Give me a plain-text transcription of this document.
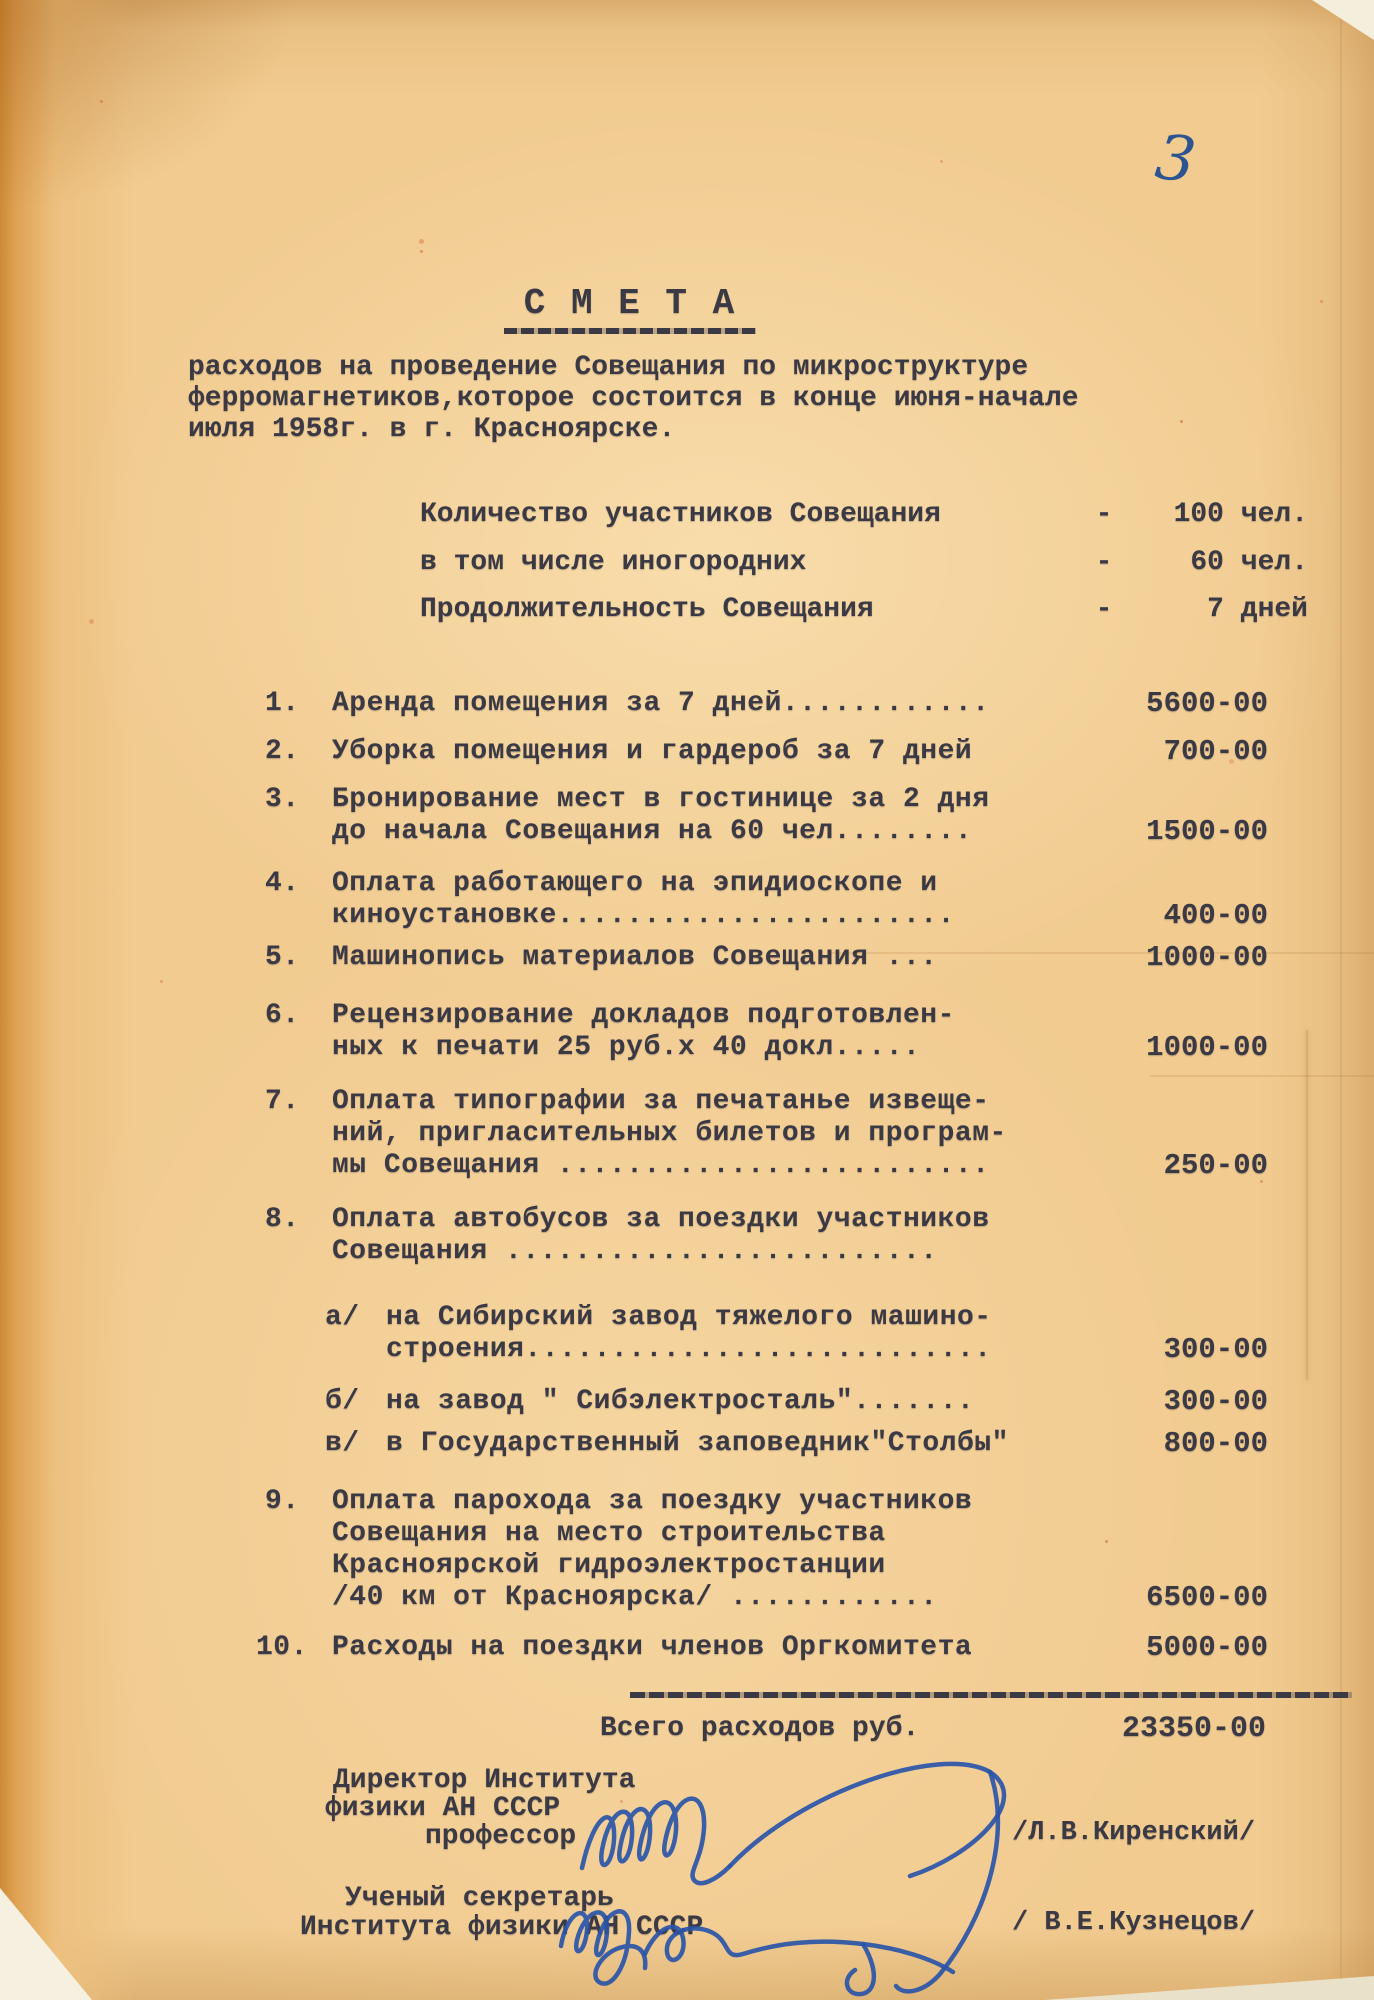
3
С М Е Т А
расходов на проведение Совещания по микроструктуре
ферромагнетиков,которое состоится в конце июня-начале
июля 1958г. в г. Красноярске.
Количество участников Совещания	-	100 чел.
в том числе иногородних	-	60 чел.
Продолжительность Совещания	-	7 дней
1.	Аренда помещения за 7 дней............	5600-00
2.	Уборка помещения и гардероб за 7 дней	700-00
3.	Бронирование мест в гостинице за 2 дня
до начала Совещания на 60 чел........	1500-00
4.	Оплата работающего на эпидиоскопе и
киноустановке.......................	400-00
5.	Машинопись материалов Совещания ...	1000-00
6.	Рецензирование докладов подготовлен-
ных к печати 25 руб.х 40 докл.....	1000-00
7.	Оплата типографии за печатанье извеще-
ний, пригласительных билетов и програм-
мы Совещания .........................	250-00
8.	Оплата автобусов за поездки участников
Совещания .........................
а/ на Сибирский завод тяжелого машино-
строения...........................	300-00
б/ на завод " Сибэлектросталь".......	300-00
в/ в Государственный заповедник"Столбы"	800-00
9.	Оплата парохода за поездку участников
Совещания на место строительства
Красноярской гидроэлектростанции
/40 км от Красноярска/ ............	6500-00
10. Расходы на поездки членов Оргкомитета	5000-00
Всего расходов руб.	23350-00
Директор Института
физики АН СССР
профессор	/Л.В.Киренский/
Ученый секретарь
Института физики АН СССР	/ В.Е.Кузнецов/
